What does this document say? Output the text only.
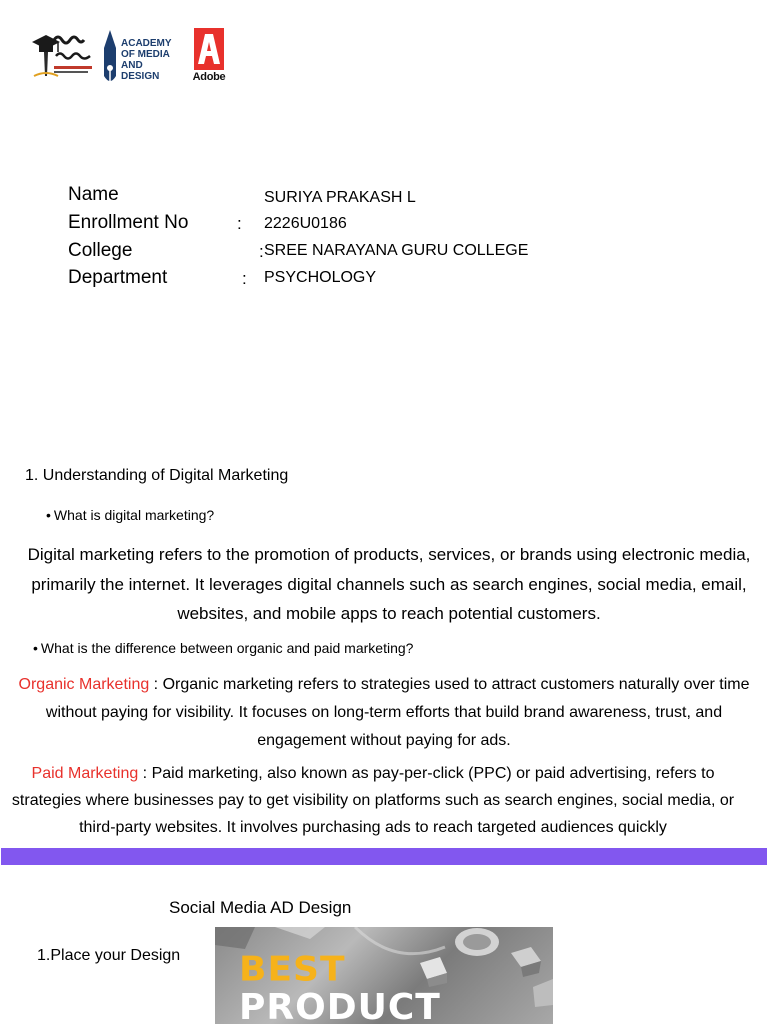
ACADEMY
OF MEDIA
AND DESIGN	Adobe
Name	SURIYA PRAKASH L
Enrollment No	: 2226U0186
College	: SREE NARAYANA GURU COLLEGE
Department	: PSYCHOLOGY
1. Understanding of Digital Marketing
• What is digital marketing?
Digital marketing refers to the promotion of products, services, or brands using electronic media,
primarily the internet. It leverages digital channels such as search engines, social media, email,
websites, and mobile apps to reach potential customers.
• What is the difference between organic and paid marketing?
Organic Marketing : Organic marketing refers to strategies used to attract customers naturally over time
without paying for visibility. It focuses on long-term efforts that build brand awareness, trust, and
engagement without paying for ads.
Paid Marketing : Paid marketing, also known as pay-per-click (PPC) or paid advertising, refers to
strategies where businesses pay to get visibility on platforms such as search engines, social media, or
third-party websites. It involves purchasing ads to reach targeted audiences quickly
Social Media AD Design
1.Place your Design BEST
PRODUCT
